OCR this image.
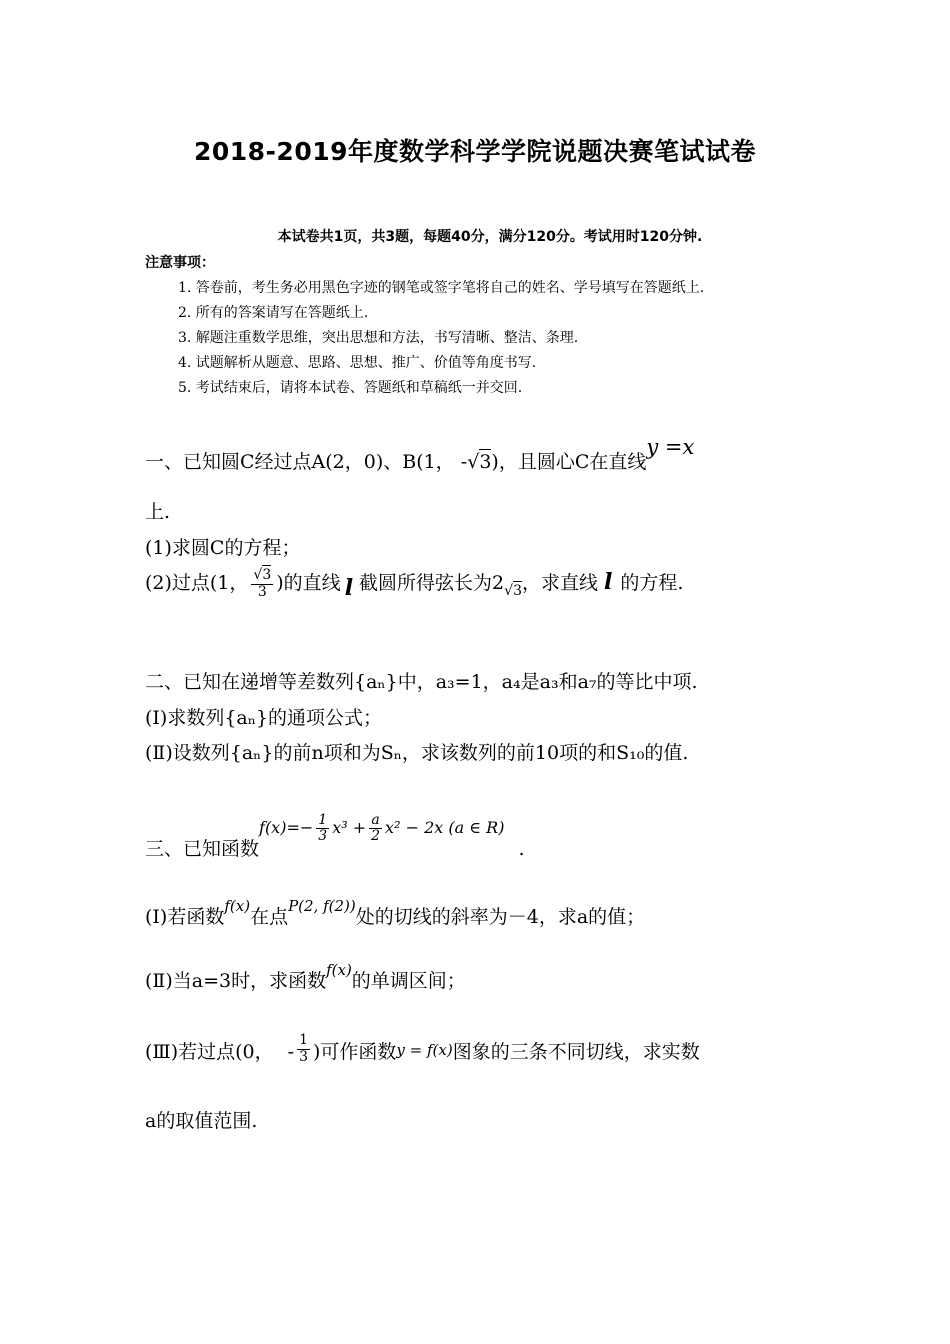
2018-2019年度数学科学学院说题决赛笔试试卷
本试卷共1页，共3题，每题40分，满分120分。考试用时120分钟.
注意事项：
1. 答卷前，考生务必用黑色字迹的钢笔或签字笔将自己的姓名、学号填写在答题纸上.
2. 所有的答案请写在答题纸上.
3. 解题注重数学思维，突出思想和方法，书写清晰、整洁、条理.
4. 试题解析从题意、思路、思想、推广、价值等角度书写.
5. 考试结束后，请将本试卷、答题纸和草稿纸一并交回.
一、已知圆C经过点A(2，0)、B(1， -√3)，且圆心C在直线y =x
上.
(1)求圆C的方程；
(2)过点(1， $\frac{√3}{3}$ )的直线 l 截圆所得弦长为$2_{√3}$，求直线 l 的方程.
二、已知在递增等差数列{aₙ}中，a₃=1，a₄是a₃和a₇的等比中项.
(Ⅰ)求数列{aₙ}的通项公式；
(Ⅱ)设数列{aₙ}的前n项和为Sₙ，求该数列的前10项的和S₁₀的值.
三、已知函数$f(x)=- \frac{1}{3} x^3 + \frac{a}{2} x^2 - 2x$ (a ∈ R).
(Ⅰ)若函数$^{f(x)}$在点$^{P(2, f(2))}$处的切线的斜率为－4，求a的值；
(Ⅱ)当a=3时，求函数$^{f(x)}$的单调区间；
(Ⅲ)若过点(0， - $\frac{1}{3}$ )可作函数y = f(x)图象的三条不同切线，求实数
a的取值范围.
